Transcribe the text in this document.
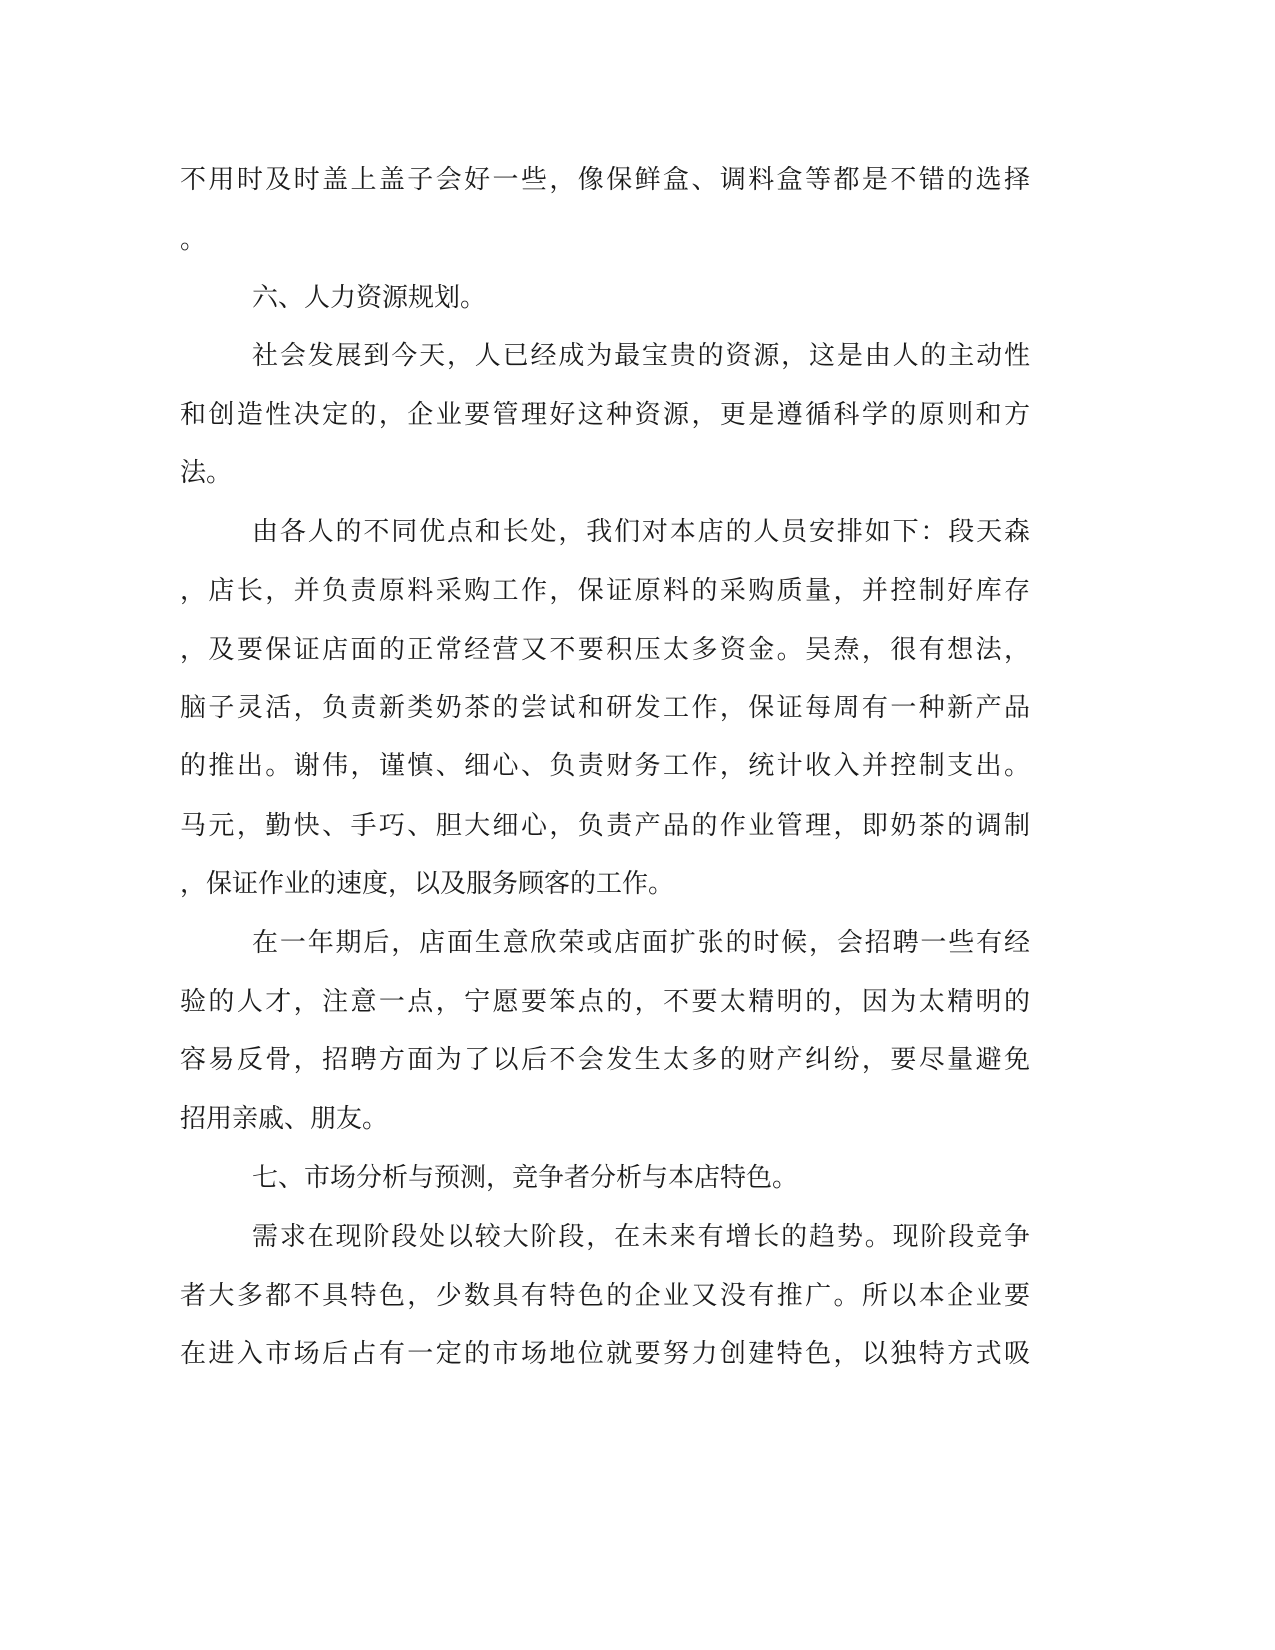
不用时及时盖上盖子会好一些，像保鲜盒、调料盒等都是不错的选择
。
六、人力资源规划。
社会发展到今天，人已经成为最宝贵的资源，这是由人的主动性
和创造性决定的，企业要管理好这种资源，更是遵循科学的原则和方
法。
由各人的不同优点和长处，我们对本店的人员安排如下：段天森
，店长，并负责原料采购工作，保证原料的采购质量，并控制好库存
，及要保证店面的正常经营又不要积压太多资金。吴焘，很有想法，
脑子灵活，负责新类奶茶的尝试和研发工作，保证每周有一种新产品
的推出。谢伟，谨慎、细心、负责财务工作，统计收入并控制支出。
马元，勤快、手巧、胆大细心，负责产品的作业管理，即奶茶的调制
，保证作业的速度，以及服务顾客的工作。
在一年期后，店面生意欣荣或店面扩张的时候，会招聘一些有经
验的人才，注意一点，宁愿要笨点的，不要太精明的，因为太精明的
容易反骨，招聘方面为了以后不会发生太多的财产纠纷，要尽量避免
招用亲戚、朋友。
七、市场分析与预测，竞争者分析与本店特色。
需求在现阶段处以较大阶段，在未来有增长的趋势。现阶段竞争
者大多都不具特色，少数具有特色的企业又没有推广。所以本企业要
在进入市场后占有一定的市场地位就要努力创建特色，以独特方式吸
